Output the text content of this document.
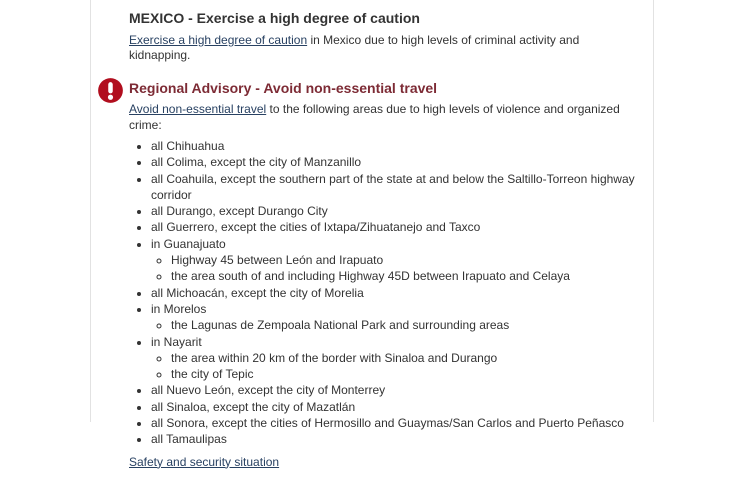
MEXICO - Exercise a high degree of caution

Exercise a high degree of caution in Mexico due to high levels of criminal activity and kidnapping.

Regional Advisory - Avoid non-essential travel

Avoid non-essential travel to the following areas due to high levels of violence and organized crime:

• all Chihuahua
• all Colima, except the city of Manzanillo
• all Coahuila, except the southern part of the state at and below the Saltillo-Torreon highway corridor
• all Durango, except Durango City
• all Guerrero, except the cities of Ixtapa/Zihuatanejo and Taxco
• in Guanajuato
◦ Highway 45 between León and Irapuato
◦ the area south of and including Highway 45D between Irapuato and Celaya
• all Michoacán, except the city of Morelia
• in Morelos
◦ the Lagunas de Zempoala National Park and surrounding areas
• in Nayarit
◦ the area within 20 km of the border with Sinaloa and Durango
◦ the city of Tepic
• all Nuevo León, except the city of Monterrey
• all Sinaloa, except the city of Mazatlán
• all Sonora, except the cities of Hermosillo and Guaymas/San Carlos and Puerto Peñasco
• all Tamaulipas

Safety and security situation
